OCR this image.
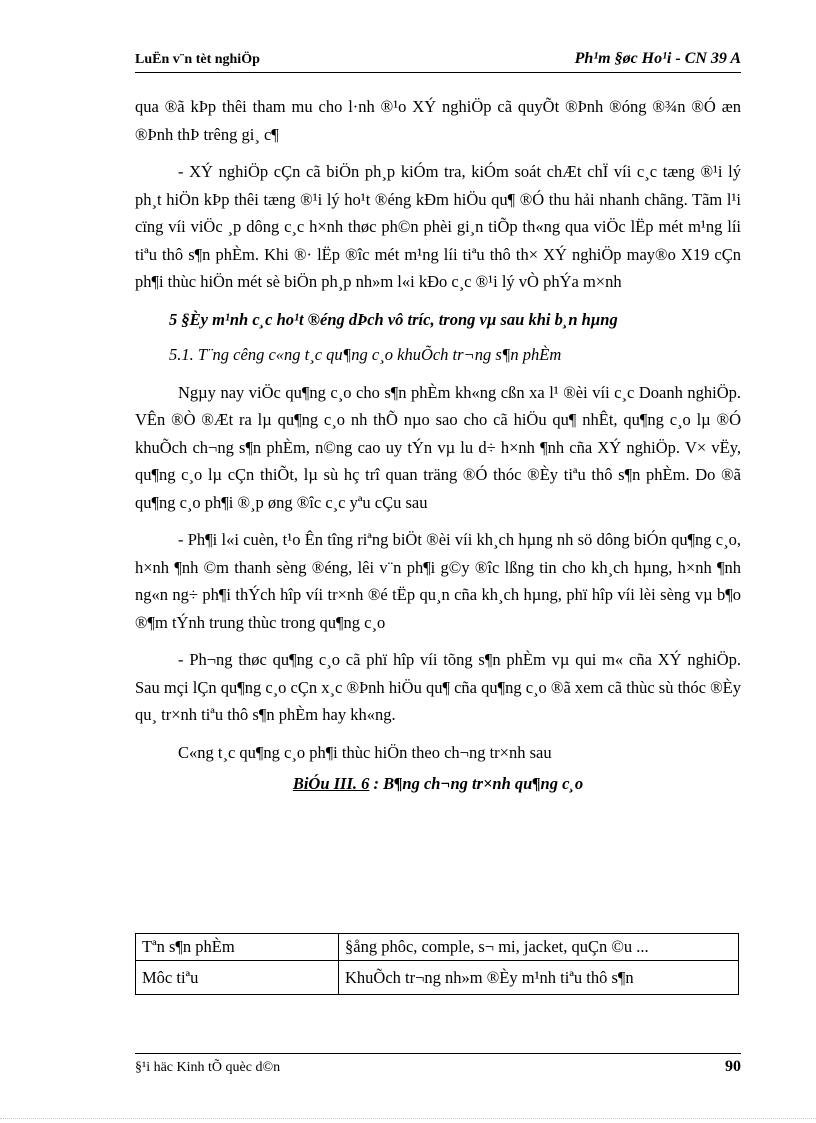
LuËn v¨n tèt nghiÖp	Ph¹m §øc Ho¹i - CN 39 A

qua ®ã kÞp thêi tham mu cho l·nh ®¹o XÝ nghiÖp cã quyÕt ®Þnh ®óng ®¾n ®Ó æn ®Þnh thÞ trêng gi¸ c¶

- XÝ nghiÖp cÇn cã biÖn ph¸p kiÓm tra, kiÓm soát chÆt chÏ víi c¸c tæng ®¹i lý ph¸t hiÖn kÞp thêi tæng ®¹i lý ho¹t ®éng kÐm hiÖu qu¶ ®Ó thu hải nhanh chãng. Tãm l¹i cïng víi viÖc ¸p dông c¸c h×nh thøc ph©n phèi gi¸n tiÕp th«ng qua viÖc lËp mét m¹ng líi tiªu thô s¶n phÈm. Khi ®· lËp ®îc mét m¹ng líi tiªu thô th× XÝ nghiÖp may®o X19 cÇn ph¶i thùc hiÖn mét sè biÖn ph¸p nh»m l«i kÐo c¸c ®¹i lý vÒ phÝa m×nh

5 §Èy m¹nh c¸c ho¹t ®éng dÞch vô tríc, trong vµ sau khi b¸n hµng

5.1. T¨ng cêng c«ng t¸c qu¶ng c¸o khuÕch tr¬ng s¶n phÈm

Ngµy nay viÖc qu¶ng c¸o cho s¶n phÈm kh«ng cßn xa l¹ ®èi víi c¸c Doanh nghiÖp. VÊn ®Ò ®Æt ra lµ qu¶ng c¸o nh thÕ nµo sao cho cã hiÖu qu¶ nhÊt, qu¶ng c¸o lµ ®Ó khuÕch ch¬ng s¶n phÈm, n©ng cao uy tÝn vµ lu d÷ h×nh ¶nh cña XÝ nghiÖp. V× vËy, qu¶ng c¸o lµ cÇn thiÕt, lµ sù hç trî quan träng ®Ó thóc ®Èy tiªu thô s¶n phÈm. Do ®ã qu¶ng c¸o ph¶i ®¸p øng ®îc c¸c yªu cÇu sau

- Ph¶i l«i cuèn, t¹o Ên tîng riªng biÖt ®èi víi kh¸ch hµng nh sö dông biÓn qu¶ng c¸o, h×nh ¶nh ©m thanh sèng ®éng, lêi v¨n ph¶i g©y ®îc lßng tin cho kh¸ch hµng, h×nh ¶nh ng«n ng÷ ph¶i thÝch hîp víi tr×nh ®é tËp qu¸n cña kh¸ch hµng, phï hîp víi lèi sèng vµ b¶o ®¶m tÝnh trung thùc trong qu¶ng c¸o

- Ph¬ng thøc qu¶ng c¸o cã phï hîp víi tõng s¶n phÈm vµ qui m« cña XÝ nghiÖp. Sau mçi lÇn qu¶ng c¸o cÇn x¸c ®Þnh hiÖu qu¶ cña qu¶ng c¸o ®ã xem cã thùc sù thóc ®Èy qu¸ tr×nh tiªu thô s¶n phÈm hay kh«ng.

C«ng t¸c qu¶ng c¸o ph¶i thùc hiÖn theo ch¬ng tr×nh sau

BiÓu III. 6 : B¶ng ch¬ng tr×nh qu¶ng c¸o

Tªn s¶n phÈm	§ång phôc, comple, s¬ mi, jacket, quÇn ©u ...
Môc tiªu	KhuÕch tr¬ng nh»m ®Èy m¹nh tiªu thô s¶n
§¹i häc Kinh tÕ quèc d©n	90
